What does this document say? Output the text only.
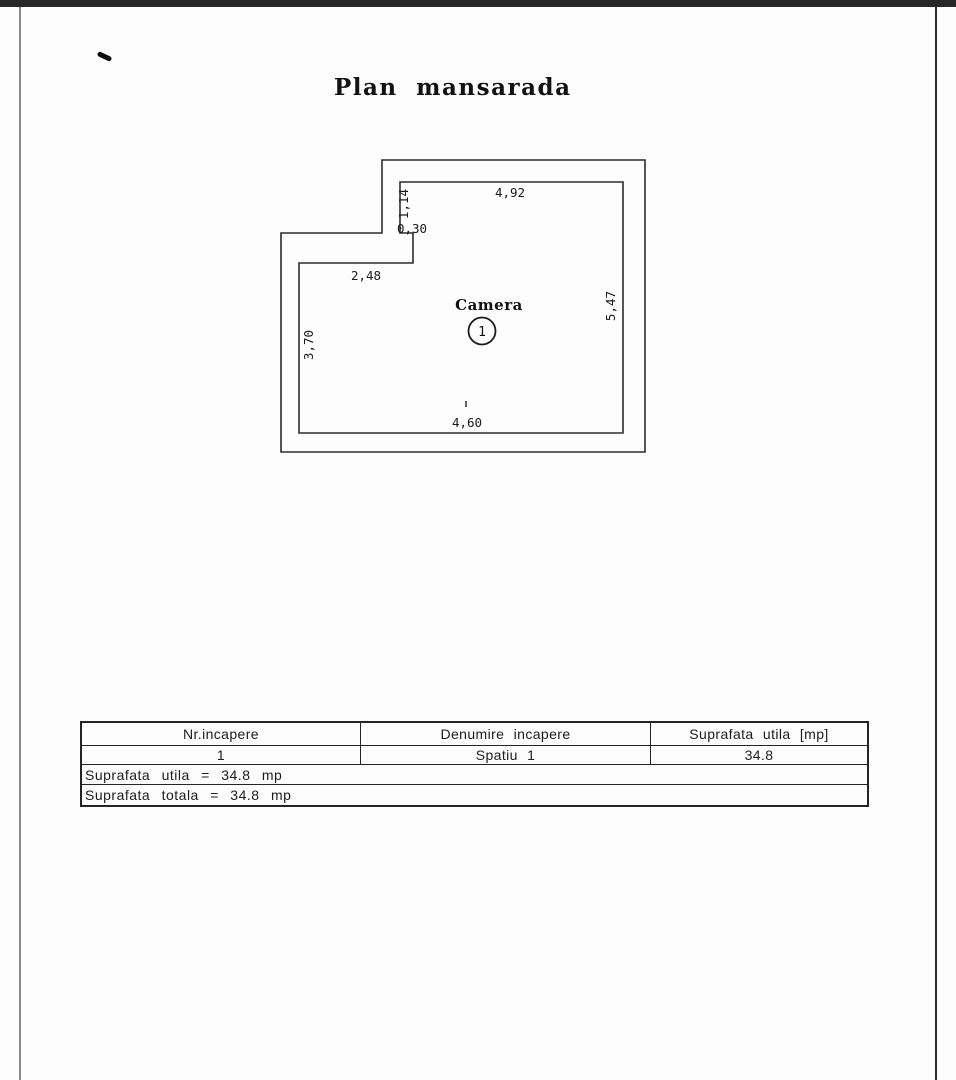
Plan mansarada
4,92
1,14
0,30
2,48
3,70
5,47
4,60
Camera
1
Nr.incapere	Denumire incapere	Suprafata utila [mp]
1	Spatiu 1	34.8
Suprafata utila = 34.8 mp
Suprafata totala = 34.8 mp
